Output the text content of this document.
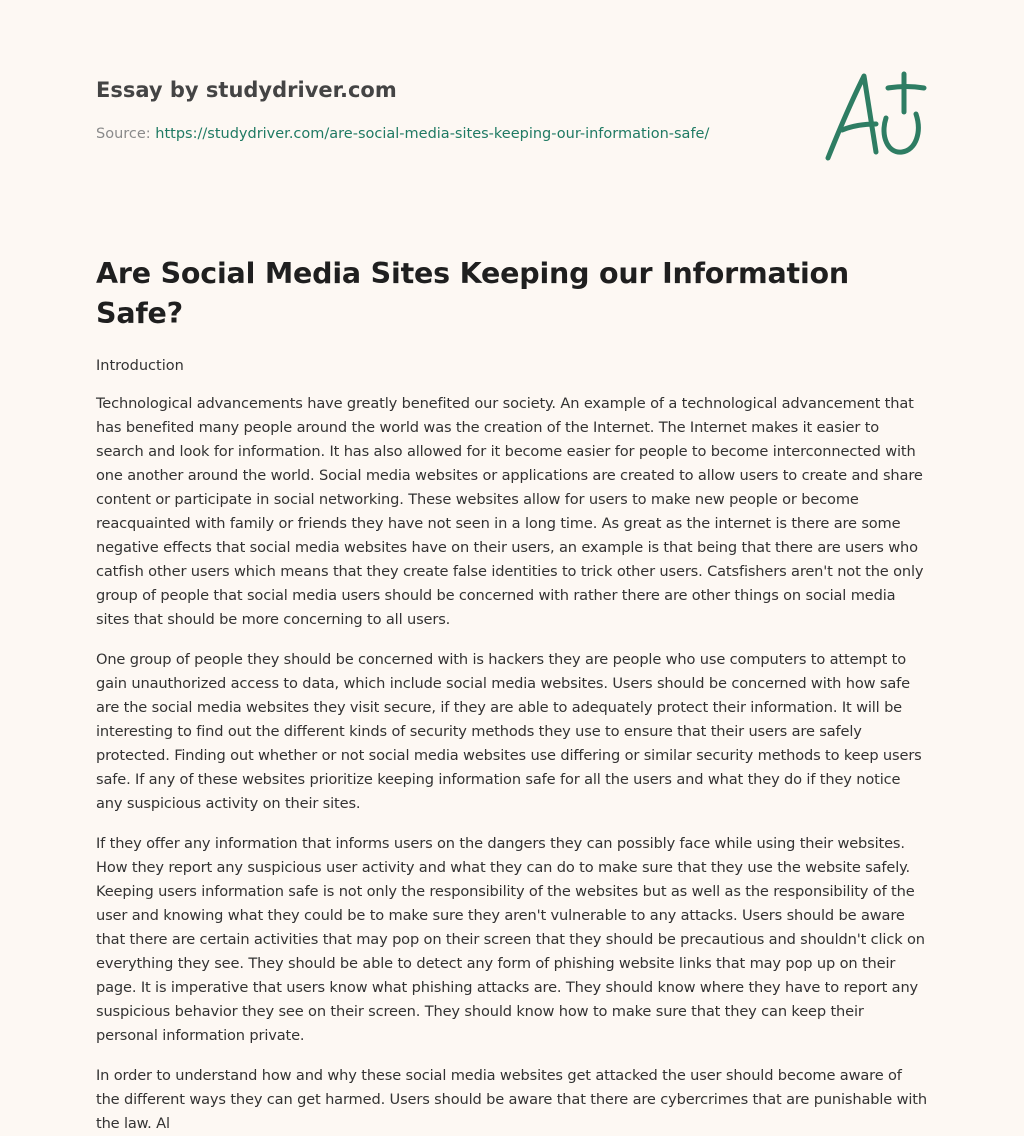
Essay by studydriver.com

Source: https://studydriver.com/are-social-media-sites-keeping-our-information-safe/
Are Social Media Sites Keeping our Information Safe?
Introduction

Technological advancements have greatly benefited our society. An example of a technological advancement that has benefited many people around the world was the creation of the Internet. The Internet makes it easier to search and look for information. It has also allowed for it become easier for people to become interconnected with one another around the world. Social media websites or applications are created to allow users to create and share content or participate in social networking. These websites allow for users to make new people or become reacquainted with family or friends they have not seen in a long time. As great as the internet is there are some negative effects that social media websites have on their users, an example is that being that there are users who catfish other users which means that they create false identities to trick other users. Catsfishers aren't not the only group of people that social media users should be concerned with rather there are other things on social media sites that should be more concerning to all users.

One group of people they should be concerned with is hackers they are people who use computers to attempt to gain unauthorized access to data, which include social media websites. Users should be concerned with how safe are the social media websites they visit secure, if they are able to adequately protect their information. It will be interesting to find out the different kinds of security methods they use to ensure that their users are safely protected. Finding out whether or not social media websites use differing or similar security methods to keep users safe. If any of these websites prioritize keeping information safe for all the users and what they do if they notice any suspicious activity on their sites.

If they offer any information that informs users on the dangers they can possibly face while using their websites. How they report any suspicious user activity and what they can do to make sure that they use the website safely. Keeping users information safe is not only the responsibility of the websites but as well as the responsibility of the user and knowing what they could be to make sure they aren't vulnerable to any attacks. Users should be aware that there are certain activities that may pop on their screen that they should be precautious and shouldn't click on everything they see. They should be able to detect any form of phishing website links that may pop up on their page. It is imperative that users know what phishing attacks are. They should know where they have to report any suspicious behavior they see on their screen. They should know how to make sure that they can keep their personal information private.

In order to understand how and why these social media websites get attacked the user should become aware of the different ways they can get harmed. Users should be aware that there are cybercrimes that are punishable with the law. Al
